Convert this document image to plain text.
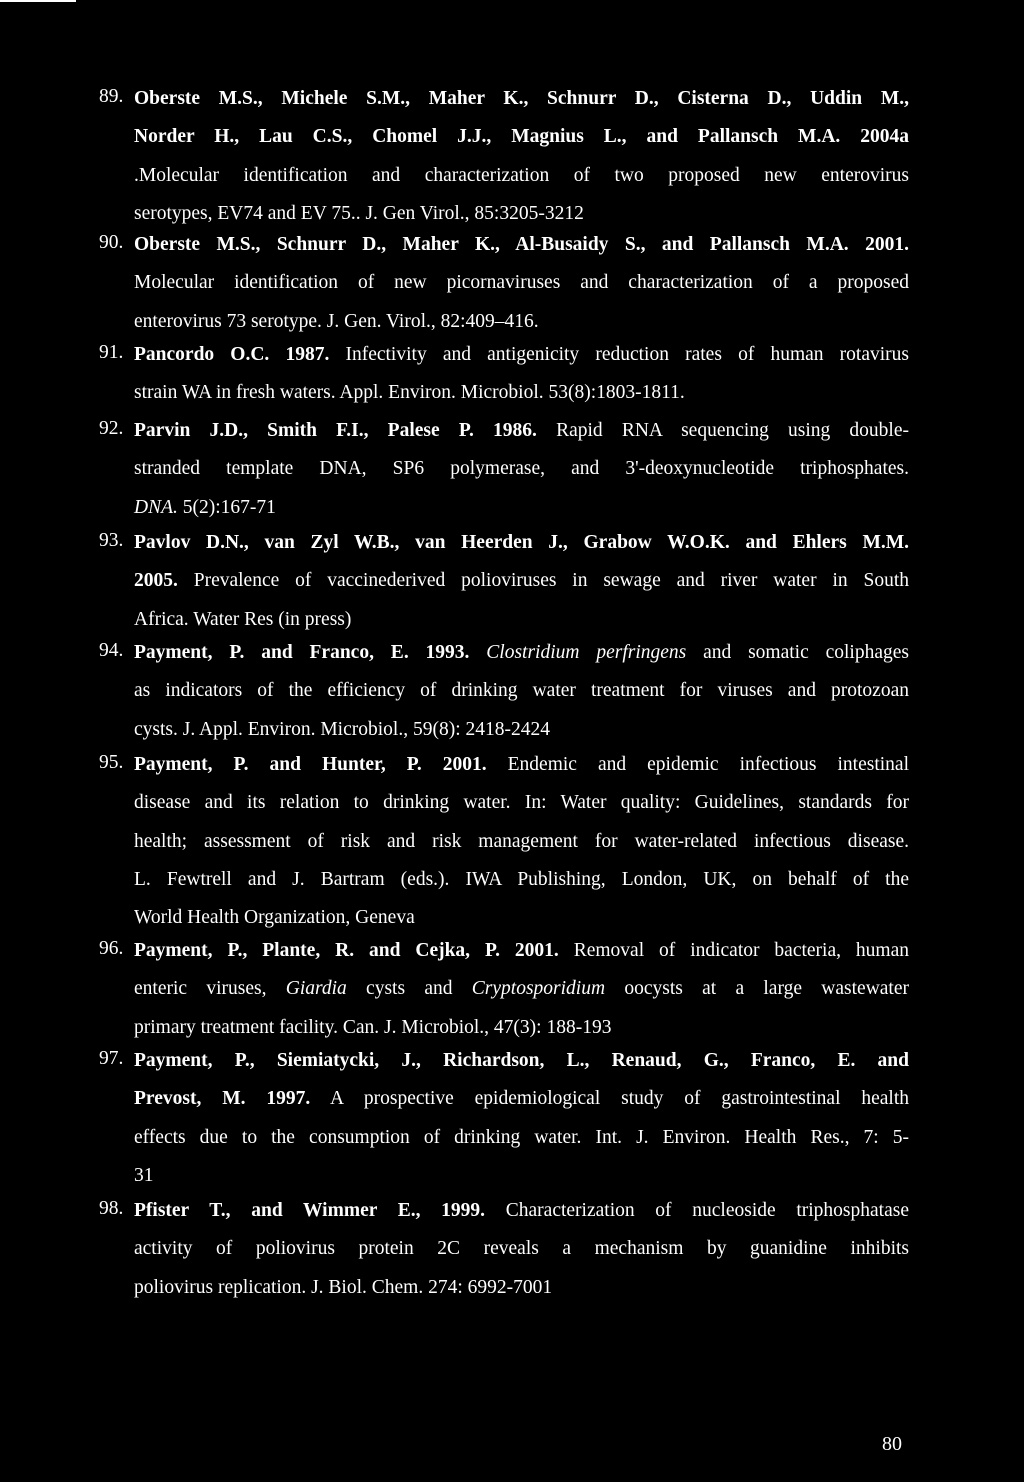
89. Oberste M.S., Michele S.M., Maher K., Schnurr D., Cisterna D., Uddin M.,
Norder H., Lau C.S., Chomel J.J., Magnius L., and Pallansch M.A. 2004a
.Molecular identification and characterization of two proposed new enterovirus
serotypes, EV74 and EV 75.. J. Gen Virol., 85:3205-3212
90. Oberste M.S., Schnurr D., Maher K., Al-Busaidy S., and Pallansch M.A. 2001.
Molecular identification of new picornaviruses and characterization of a proposed
enterovirus 73 serotype. J. Gen. Virol., 82:409–416.
91. Pancordo O.C. 1987. Infectivity and antigenicity reduction rates of human rotavirus
strain WA in fresh waters. Appl. Environ. Microbiol. 53(8):1803-1811.
92. Parvin J.D., Smith F.I., Palese P. 1986. Rapid RNA sequencing using double-
stranded template DNA, SP6 polymerase, and 3'-deoxynucleotide triphosphates.
DNA. 5(2):167-71
93. Pavlov D.N., van Zyl W.B., van Heerden J., Grabow W.O.K. and Ehlers M.M.
2005. Prevalence of vaccinederived polioviruses in sewage and river water in South
Africa. Water Res (in press)
94. Payment, P. and Franco, E. 1993. Clostridium perfringens and somatic coliphages
as indicators of the efficiency of drinking water treatment for viruses and protozoan
cysts. J. Appl. Environ. Microbiol., 59(8): 2418-2424
95. Payment, P. and Hunter, P. 2001. Endemic and epidemic infectious intestinal
disease and its relation to drinking water. In: Water quality: Guidelines, standards for
health; assessment of risk and risk management for water-related infectious disease.
L. Fewtrell and J. Bartram (eds.). IWA Publishing, London, UK, on behalf of the
World Health Organization, Geneva
96. Payment, P., Plante, R. and Cejka, P. 2001. Removal of indicator bacteria, human
enteric viruses, Giardia cysts and Cryptosporidium oocysts at a large wastewater
primary treatment facility. Can. J. Microbiol., 47(3): 188-193
97. Payment, P., Siemiatycki, J., Richardson, L., Renaud, G., Franco, E. and
Prevost, M. 1997. A prospective epidemiological study of gastrointestinal health
effects due to the consumption of drinking water. Int. J. Environ. Health Res., 7: 5-
31
98. Pfister T., and Wimmer E., 1999. Characterization of nucleoside triphosphatase
activity of poliovirus protein 2C reveals a mechanism by guanidine inhibits
poliovirus replication. J. Biol. Chem. 274: 6992-7001
80
